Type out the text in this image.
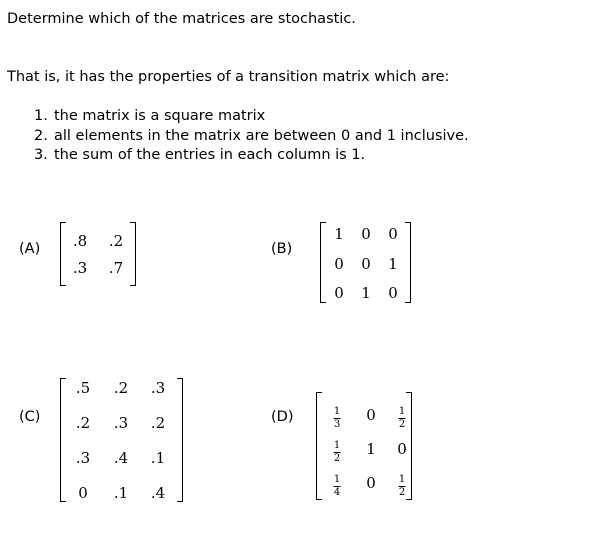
Determine which of the matrices are stochastic.
That is, it has the properties of a transition matrix which are:
1. the matrix is a square matrix
2. all elements in the matrix are between 0 and 1 inclusive.
3. the sum of the entries in each column is 1.
(A) .8 .2
.3 .7
(B)
1 0 0
0 0 1
0 1 0
(C)
.5 .2 .3
.2 .3 .2
.3 .4 .1
0 .1 .4
(D)	$\frac{1}{3} 0 \frac{1}{2}$
$\frac{1}{2} 1$ 0
$\frac{1}{4} 0 \frac{1}{2}$
